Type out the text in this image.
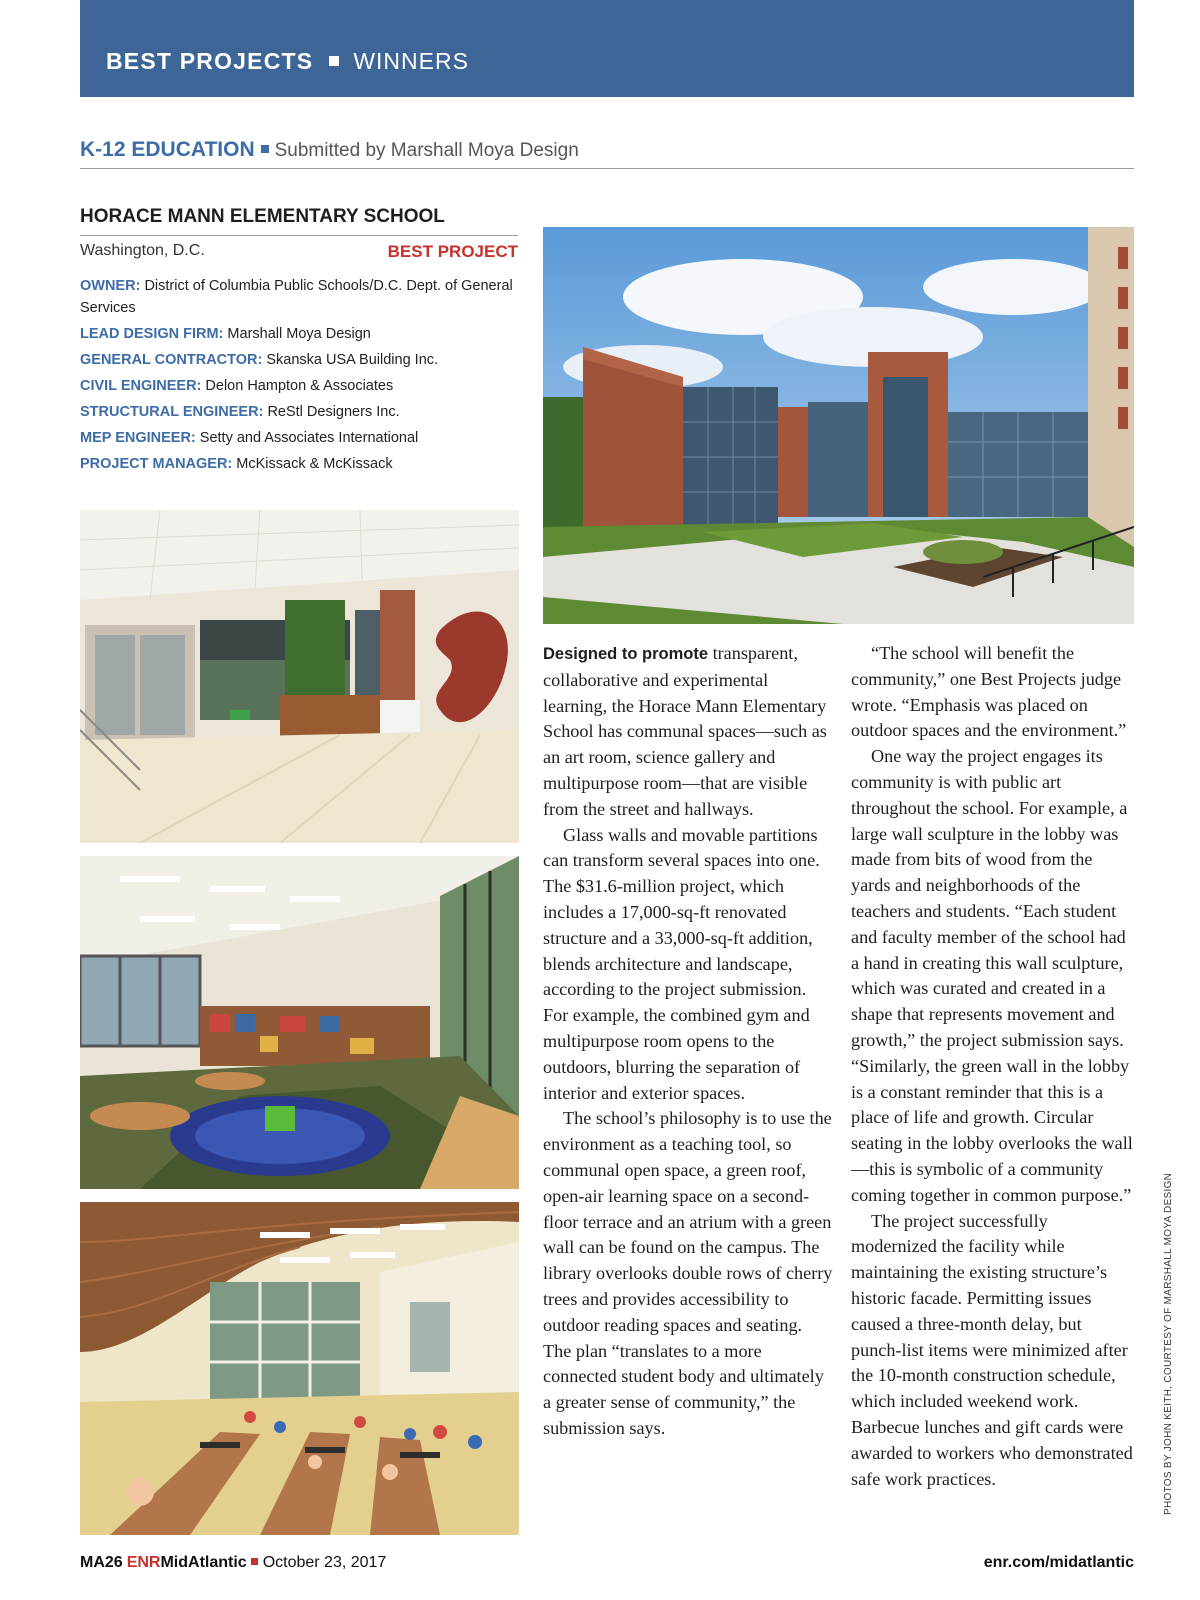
BEST PROJECTS WINNERS
K-12 EDUCATION Submitted by Marshall Moya Design
HORACE MANN ELEMENTARY SCHOOL
Washington, D.C.	BEST PROJECT
OWNER: District of Columbia Public Schools/D.C. Dept. of General Services
LEAD DESIGN FIRM: Marshall Moya Design
GENERAL CONTRACTOR: Skanska USA Building Inc.
CIVIL ENGINEER: Delon Hampton & Associates
STRUCTURAL ENGINEER: ReStl Designers Inc.
MEP ENGINEER: Setty and Associates International
PROJECT MANAGER: McKissack & McKissack

Designed to promote transparent, collaborative and experimental learning, the Horace Mann Elementary School has communal spaces—such as an art room, science gallery and multipurpose room—that are visible from the street and hallways.

Glass walls and movable partitions can transform several spaces into one. The $31.6-million project, which includes a 17,000-sq-ft renovated structure and a 33,000-sq-ft addition, blends architecture and landscape, according to the project submission. For example, the combined gym and multipurpose room opens to the outdoors, blurring the separation of interior and exterior spaces.

The school’s philosophy is to use the environment as a teaching tool, so communal open space, a green roof, open-air learning space on a second-floor terrace and an atrium with a green wall can be found on the campus. The library overlooks double rows of cherry trees and provides accessibility to outdoor reading spaces and seating. The plan “translates to a more connected student body and ultimately a greater sense of community,” the submission says.

“The school will benefit the community,” one Best Projects judge wrote. “Emphasis was placed on outdoor spaces and the environment.”

One way the project engages its community is with public art throughout the school. For example, a large wall sculpture in the lobby was made from bits of wood from the yards and neighborhoods of the teachers and students. “Each student and faculty member of the school had a hand in creating this wall sculpture, which was curated and created in a shape that represents movement and growth,” the project submission says. “Similarly, the green wall in the lobby is a constant reminder that this is a place of life and growth. Circular seating in the lobby overlooks the wall—this is symbolic of a community coming together in common purpose.”

The project successfully modernized the facility while maintaining the existing structure’s historic facade. Permitting issues caused a three-month delay, but punch-list items were minimized after the 10-month construction schedule, which included weekend work. Barbecue lunches and gift cards were awarded to workers who demonstrated safe work practices.	PHOTOS BY JOHN KEITH, COURTESY OF MARSHALL MOYA DESIGN
MA26 ENRMidAtlantic October 23, 2017	enr.com/midatlantic
